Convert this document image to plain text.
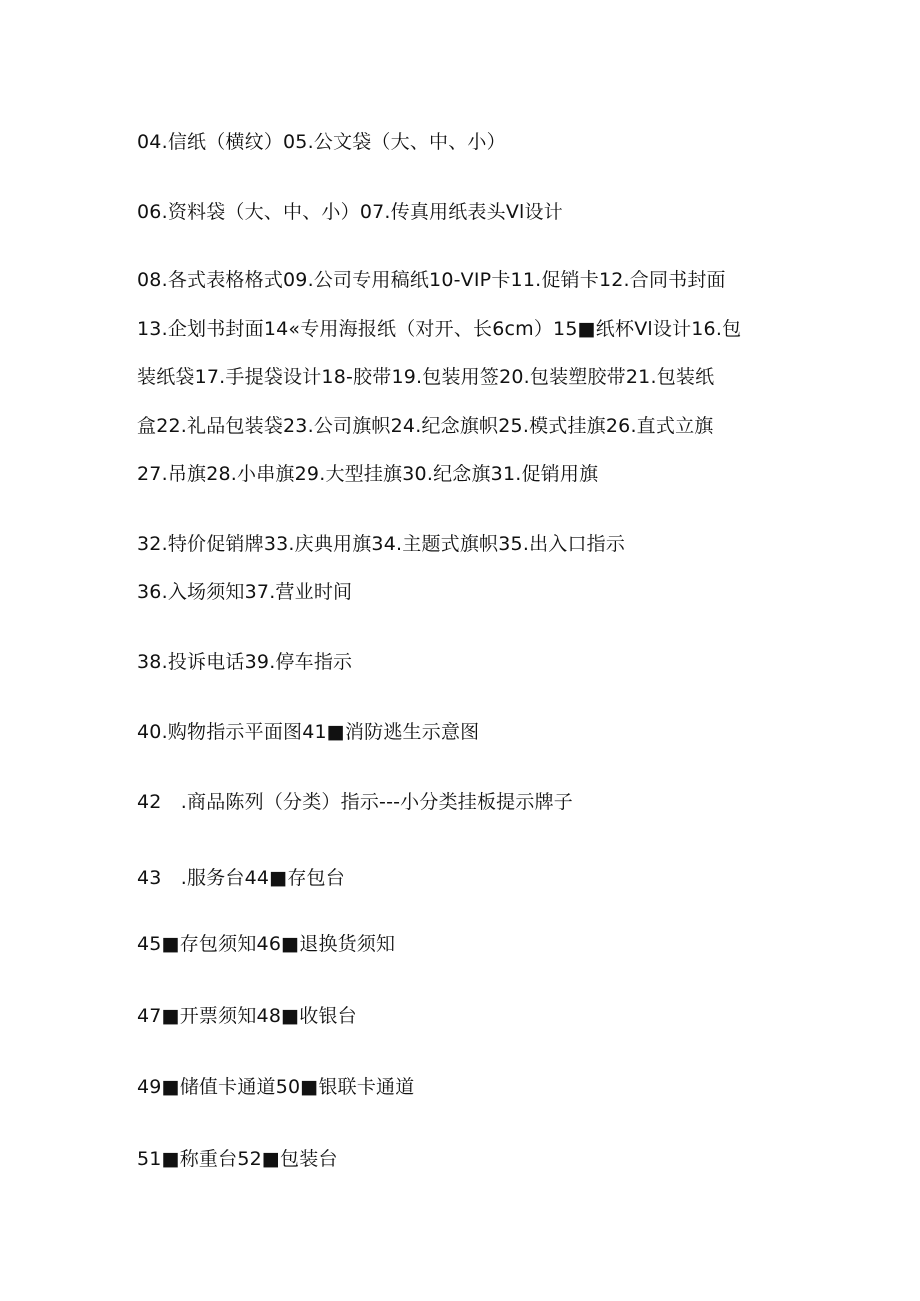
04.信纸（横纹）05.公文袋（大、中、小）
06.资料袋（大、中、小）07.传真用纸表头Vl设计
08.各式表格格式09.公司专用稿纸10-VIP卡11.促销卡12.合同书封面
13.企划书封面14«专用海报纸（对开、长6cm）15■纸杯Vl设计16.包
装纸袋17.手提袋设计18-胶带19.包装用签20.包装塑胶带21.包装纸
盒22.礼品包装袋23.公司旗帜24.纪念旗帜25.模式挂旗26.直式立旗
27.吊旗28.小串旗29.大型挂旗30.纪念旗31.促销用旗
32.特价促销牌33.庆典用旗34.主题式旗帜35.出入口指示
36.入场须知37.营业时间
38.投诉电话39.停车指示
40.购物指示平面图41■消防逃生示意图
42　.商品陈列（分类）指示---小分类挂板提示牌子
43　.服务台44■存包台
45■存包须知46■退换货须知
47■开票须知48■收银台
49■储值卡通道50■银联卡通道
51■称重台52■包装台
